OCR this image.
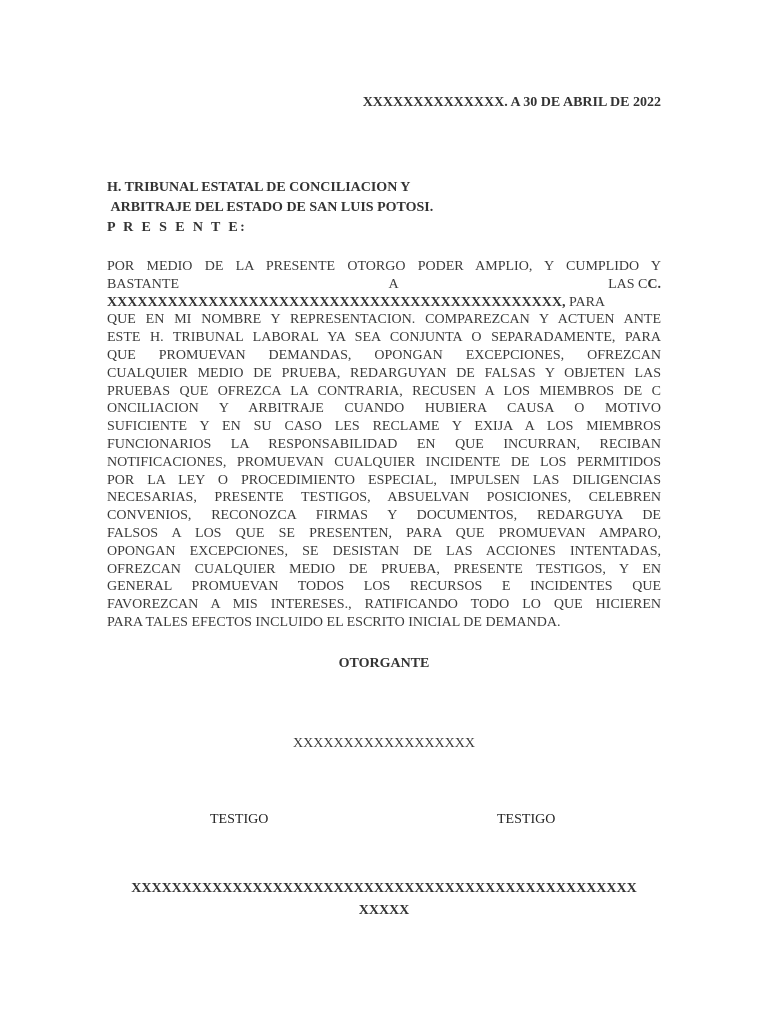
XXXXXXXXXXXXXX. A 30 DE ABRIL DE 2022
H. TRIBUNAL ESTATAL DE CONCILIACION Y
ARBITRAJE DEL ESTADO DE SAN LUIS POTOSI.
P R E S E N T E:
POR MEDIO DE LA PRESENTE OTORGO PODER AMPLIO, Y CUMPLIDO Y
BASTANTE	A	LAS CC.
XXXXXXXXXXXXXXXXXXXXXXXXXXXXXXXXXXXXXXXXXXXXX, PARA
QUE EN MI NOMBRE Y REPRESENTACION. COMPAREZCAN Y ACTUEN ANTE
ESTE H. TRIBUNAL LABORAL YA SEA CONJUNTA O SEPARADAMENTE, PARA
QUE PROMUEVAN DEMANDAS, OPONGAN EXCEPCIONES, OFREZCAN
CUALQUIER MEDIO DE PRUEBA, REDARGUYAN DE FALSAS Y OBJETEN LAS
PRUEBAS QUE OFREZCA LA CONTRARIA, RECUSEN A LOS MIEMBROS DE C
ONCILIACION Y ARBITRAJE CUANDO HUBIERA CAUSA O MOTIVO
SUFICIENTE Y EN SU CASO LES RECLAME Y EXIJA A LOS MIEMBROS
FUNCIONARIOS LA RESPONSABILIDAD EN QUE INCURRAN, RECIBAN
NOTIFICACIONES, PROMUEVAN CUALQUIER INCIDENTE DE LOS PERMITIDOS
POR LA LEY O PROCEDIMIENTO ESPECIAL, IMPULSEN LAS DILIGENCIAS
NECESARIAS, PRESENTE TESTIGOS, ABSUELVAN POSICIONES, CELEBREN
CONVENIOS, RECONOZCA FIRMAS Y DOCUMENTOS, REDARGUYA DE
FALSOS A LOS QUE SE PRESENTEN, PARA QUE PROMUEVAN AMPARO,
OPONGAN EXCEPCIONES, SE DESISTAN DE LAS ACCIONES INTENTADAS,
OFREZCAN CUALQUIER MEDIO DE PRUEBA, PRESENTE TESTIGOS, Y EN
GENERAL PROMUEVAN TODOS LOS RECURSOS E INCIDENTES QUE
FAVOREZCAN A MIS INTERESES., RATIFICANDO TODO LO QUE HICIEREN
PARA TALES EFECTOS INCLUIDO EL ESCRITO INICIAL DE DEMANDA.
OTORGANTE
XXXXXXXXXXXXXXXXXX
TESTIGO	TESTIGO
XXXXXXXXXXXXXXXXXXXXXXXXXXXXXXXXXXXXXXXXXXXXXXXXXX
XXXXX
